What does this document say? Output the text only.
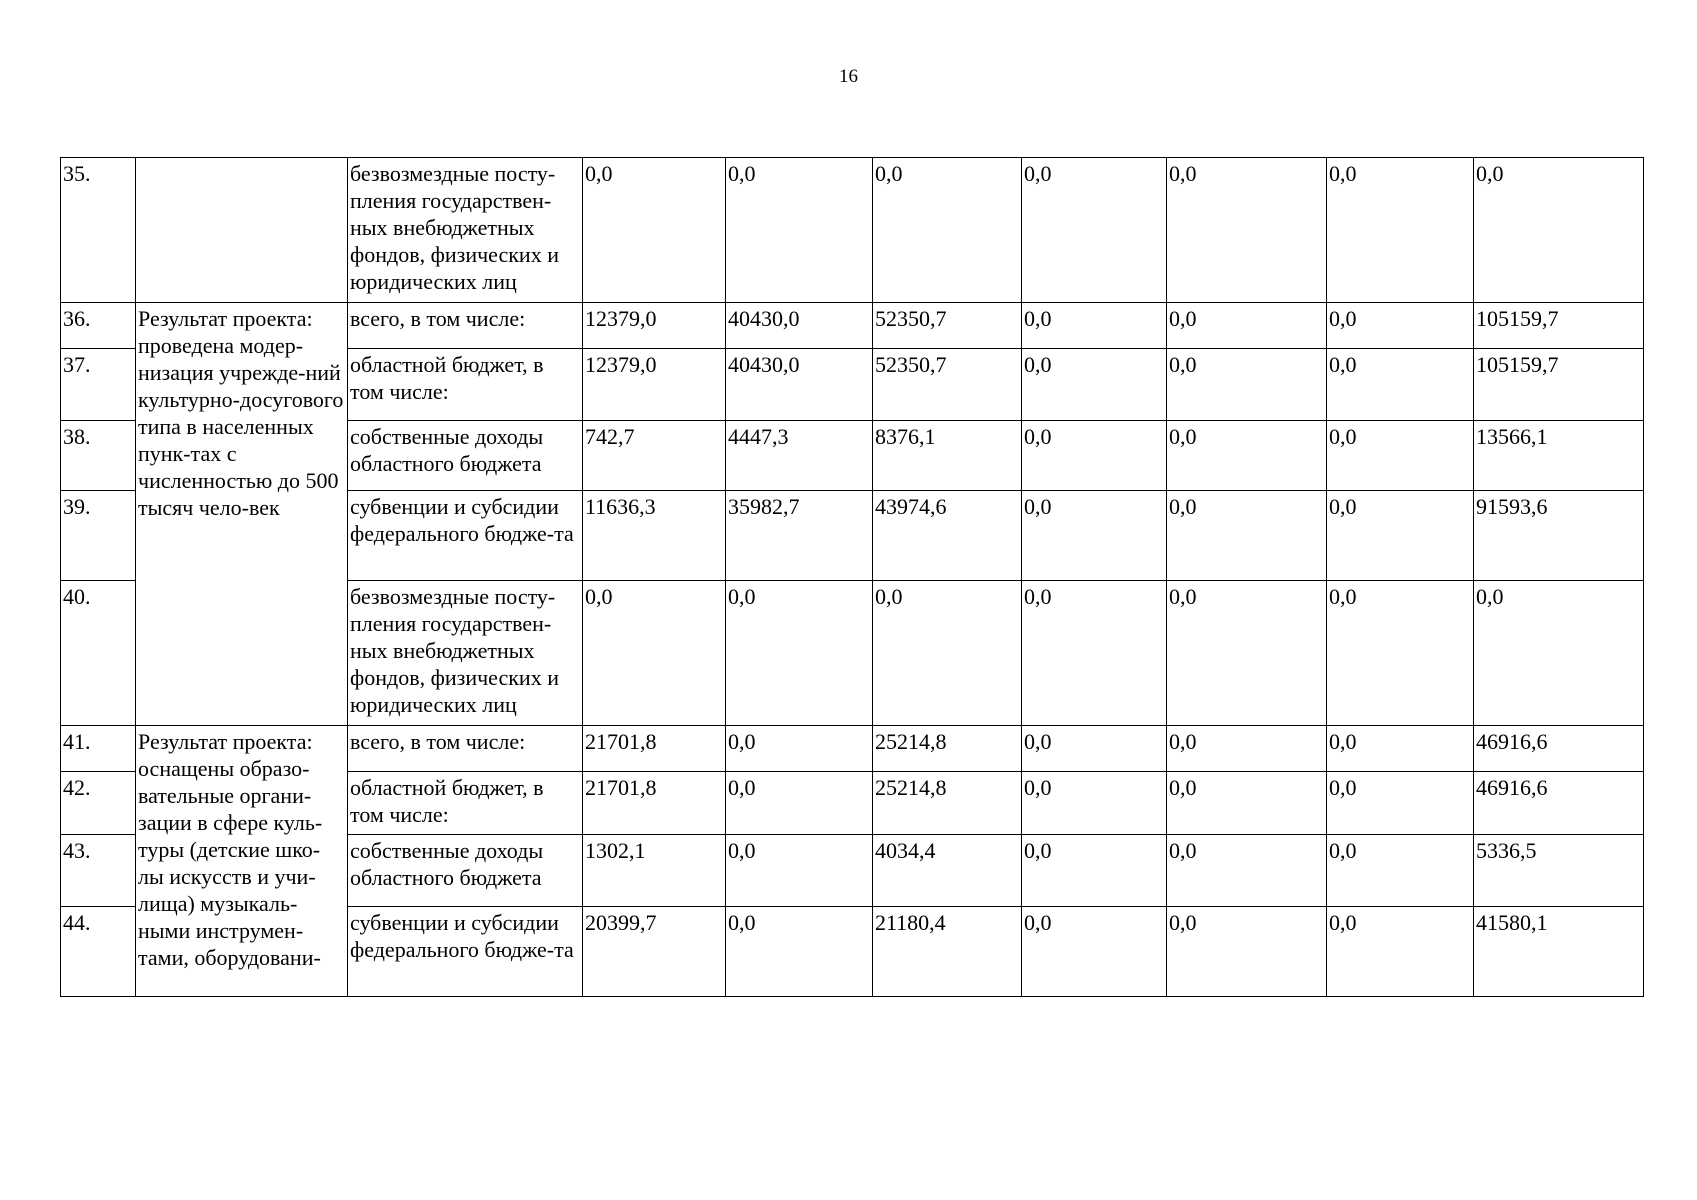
16
35.		безвозмездные посту-пления государствен-ных внебюджетных фондов, физических и юридических лиц	0,0	0,0	0,0	0,0	0,0	0,0	0,0
36.	Результат проекта: проведена модер-низация учрежде-ний культурно-досугового типа в населенных пунк-тах с численностью до 500 тысяч чело-век	всего, в том числе:	12379,0	40430,0	52350,7	0,0	0,0	0,0	105159,7
37.		областной бюджет, в том числе:	12379,0	40430,0	52350,7	0,0	0,0	0,0	105159,7
38.		собственные доходы областного бюджета	742,7	4447,3	8376,1	0,0	0,0	0,0	13566,1
39.		субвенции и субсидии федерального бюдже-та	11636,3	35982,7	43974,6	0,0	0,0	0,0	91593,6
40.		безвозмездные посту-пления государствен-ных внебюджетных фондов, физических и юридических лиц	0,0	0,0	0,0	0,0	0,0	0,0	0,0
41.	Результат проекта: оснащены образо-вательные органи-зации в сфере куль-туры (детские шко-лы искусств и учи-лища) музыкаль-ными инструмен-тами, оборудовани-	всего, в том числе:	21701,8	0,0	25214,8	0,0	0,0	0,0	46916,6
42.		областной бюджет, в том числе:	21701,8	0,0	25214,8	0,0	0,0	0,0	46916,6
43.		собственные доходы областного бюджета	1302,1	0,0	4034,4	0,0	0,0	0,0	5336,5
44.		субвенции и субсидии федерального бюдже-та	20399,7	0,0	21180,4	0,0	0,0	0,0	41580,1
